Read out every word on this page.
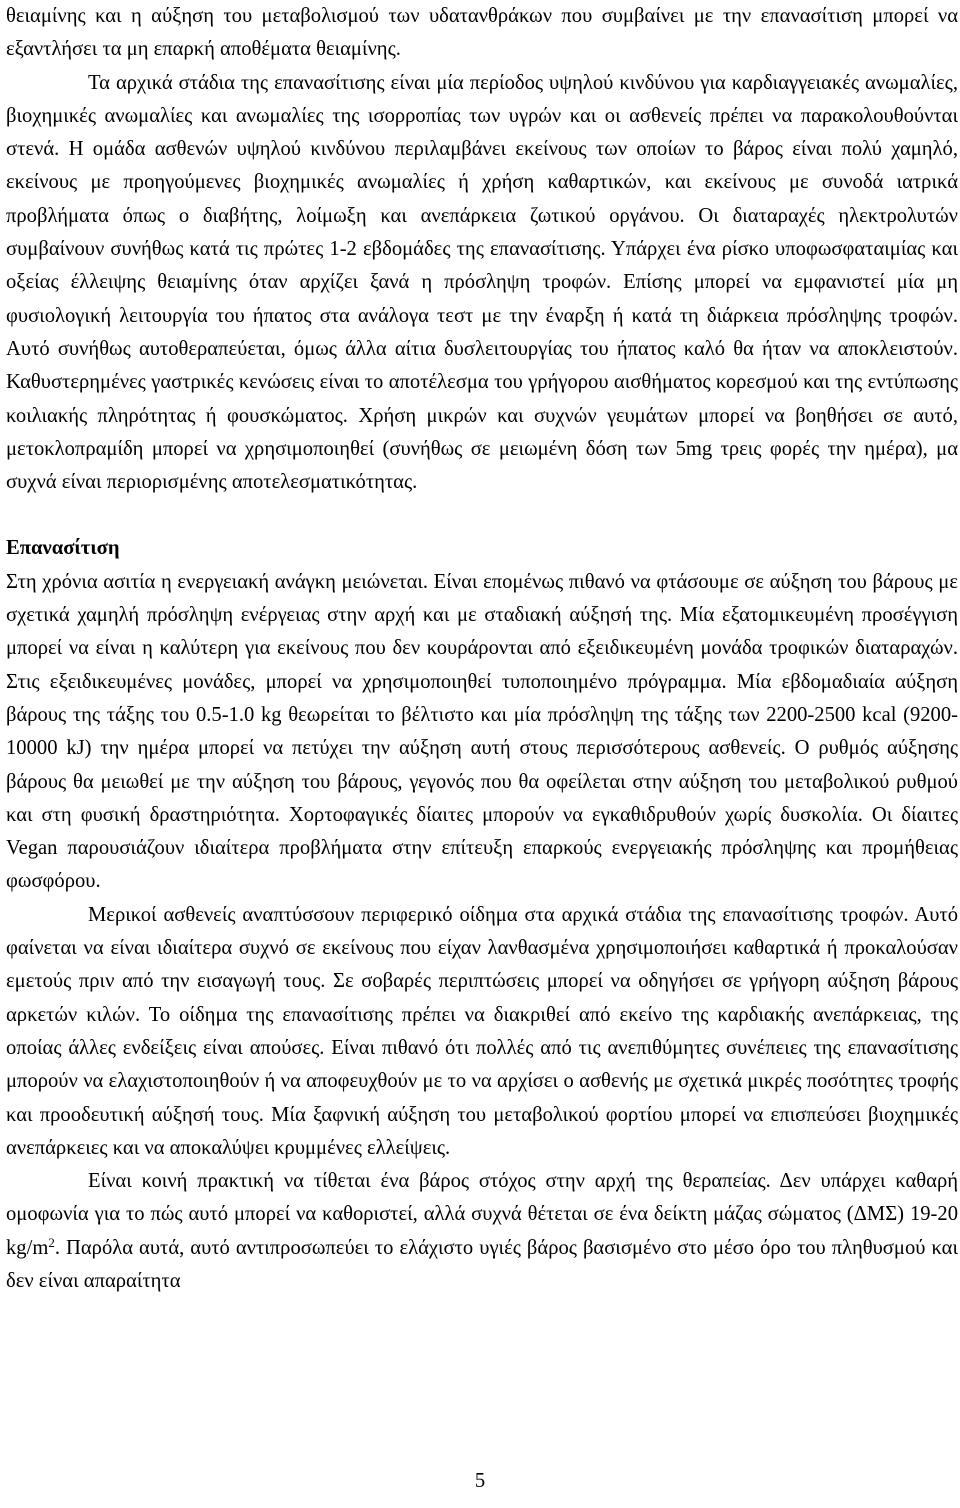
θειαμίνης και η αύξηση του μεταβολισμού των υδατανθράκων που συμβαίνει με την επανασίτιση μπορεί να εξαντλήσει τα μη επαρκή αποθέματα θειαμίνης.

Τα αρχικά στάδια της επανασίτισης είναι μία περίοδος υψηλού κινδύνου για καρδιαγγειακές ανωμαλίες, βιοχημικές ανωμαλίες και ανωμαλίες της ισορροπίας των υγρών και οι ασθενείς πρέπει να παρακολουθούνται στενά. Η ομάδα ασθενών υψηλού κινδύνου περιλαμβάνει εκείνους των οποίων το βάρος είναι πολύ χαμηλό, εκείνους με προηγούμενες βιοχημικές ανωμαλίες ή χρήση καθαρτικών, και εκείνους με συνοδά ιατρικά προβλήματα όπως ο διαβήτης, λοίμωξη και ανεπάρκεια ζωτικού οργάνου. Οι διαταραχές ηλεκτρολυτών συμβαίνουν συνήθως κατά τις πρώτες 1-2 εβδομάδες της επανασίτισης. Υπάρχει ένα ρίσκο υποφωσφαταιμίας και οξείας έλλειψης θειαμίνης όταν αρχίζει ξανά η πρόσληψη τροφών. Επίσης μπορεί να εμφανιστεί μία μη φυσιολογική λειτουργία του ήπατος στα ανάλογα τεστ με την έναρξη ή κατά τη διάρκεια πρόσληψης τροφών. Αυτό συνήθως αυτοθεραπεύεται, όμως άλλα αίτια δυσλειτουργίας του ήπατος καλό θα ήταν να αποκλειστούν. Καθυστερημένες γαστρικές κενώσεις είναι το αποτέλεσμα του γρήγορου αισθήματος κορεσμού και της εντύπωσης κοιλιακής πληρότητας ή φουσκώματος. Χρήση μικρών και συχνών γευμάτων μπορεί να βοηθήσει σε αυτό, μετοκλοπραμίδη μπορεί να χρησιμοποιηθεί (συνήθως σε μειωμένη δόση των 5mg τρεις φορές την ημέρα), μα συχνά είναι περιορισμένης αποτελεσματικότητας.

Επανασίτιση

Στη χρόνια ασιτία η ενεργειακή ανάγκη μειώνεται. Είναι επομένως πιθανό να φτάσουμε σε αύξηση του βάρους με σχετικά χαμηλή πρόσληψη ενέργειας στην αρχή και με σταδιακή αύξησή της. Μία εξατομικευμένη προσέγγιση μπορεί να είναι η καλύτερη για εκείνους που δεν κουράρονται από εξειδικευμένη μονάδα τροφικών διαταραχών. Στις εξειδικευμένες μονάδες, μπορεί να χρησιμοποιηθεί τυποποιημένο πρόγραμμα. Μία εβδομαδιαία αύξηση βάρους της τάξης του 0.5-1.0 kg θεωρείται το βέλτιστο και μία πρόσληψη της τάξης των 2200-2500 kcal (9200-10000 kJ) την ημέρα μπορεί να πετύχει την αύξηση αυτή στους περισσότερους ασθενείς. Ο ρυθμός αύξησης βάρους θα μειωθεί με την αύξηση του βάρους, γεγονός που θα οφείλεται στην αύξηση του μεταβολικού ρυθμού και στη φυσική δραστηριότητα. Χορτοφαγικές δίαιτες μπορούν να εγκαθιδρυθούν χωρίς δυσκολία. Οι δίαιτες Vegan παρουσιάζουν ιδιαίτερα προβλήματα στην επίτευξη επαρκούς ενεργειακής πρόσληψης και προμήθειας φωσφόρου.

Μερικοί ασθενείς αναπτύσσουν περιφερικό οίδημα στα αρχικά στάδια της επανασίτισης τροφών. Αυτό φαίνεται να είναι ιδιαίτερα συχνό σε εκείνους που είχαν λανθασμένα χρησιμοποιήσει καθαρτικά ή προκαλούσαν εμετούς πριν από την εισαγωγή τους. Σε σοβαρές περιπτώσεις μπορεί να οδηγήσει σε γρήγορη αύξηση βάρους αρκετών κιλών. Το οίδημα της επανασίτισης πρέπει να διακριθεί από εκείνο της καρδιακής ανεπάρκειας, της οποίας άλλες ενδείξεις είναι απούσες. Είναι πιθανό ότι πολλές από τις ανεπιθύμητες συνέπειες της επανασίτισης μπορούν να ελαχιστοποιηθούν ή να αποφευχθούν με το να αρχίσει ο ασθενής με σχετικά μικρές ποσότητες τροφής και προοδευτική αύξησή τους. Μία ξαφνική αύξηση του μεταβολικού φορτίου μπορεί να επισπεύσει βιοχημικές ανεπάρκειες και να αποκαλύψει κρυμμένες ελλείψεις.

Είναι κοινή πρακτική να τίθεται ένα βάρος στόχος στην αρχή της θεραπείας. Δεν υπάρχει καθαρή ομοφωνία για το πώς αυτό μπορεί να καθοριστεί, αλλά συχνά θέτεται σε ένα δείκτη μάζας σώματος (ΔΜΣ) 19-20 $kg/m^2$. Παρόλα αυτά, αυτό αντιπροσωπεύει το ελάχιστο υγιές βάρος βασισμένο στο μέσο όρο του πληθυσμού και δεν είναι απαραίτητα

5
